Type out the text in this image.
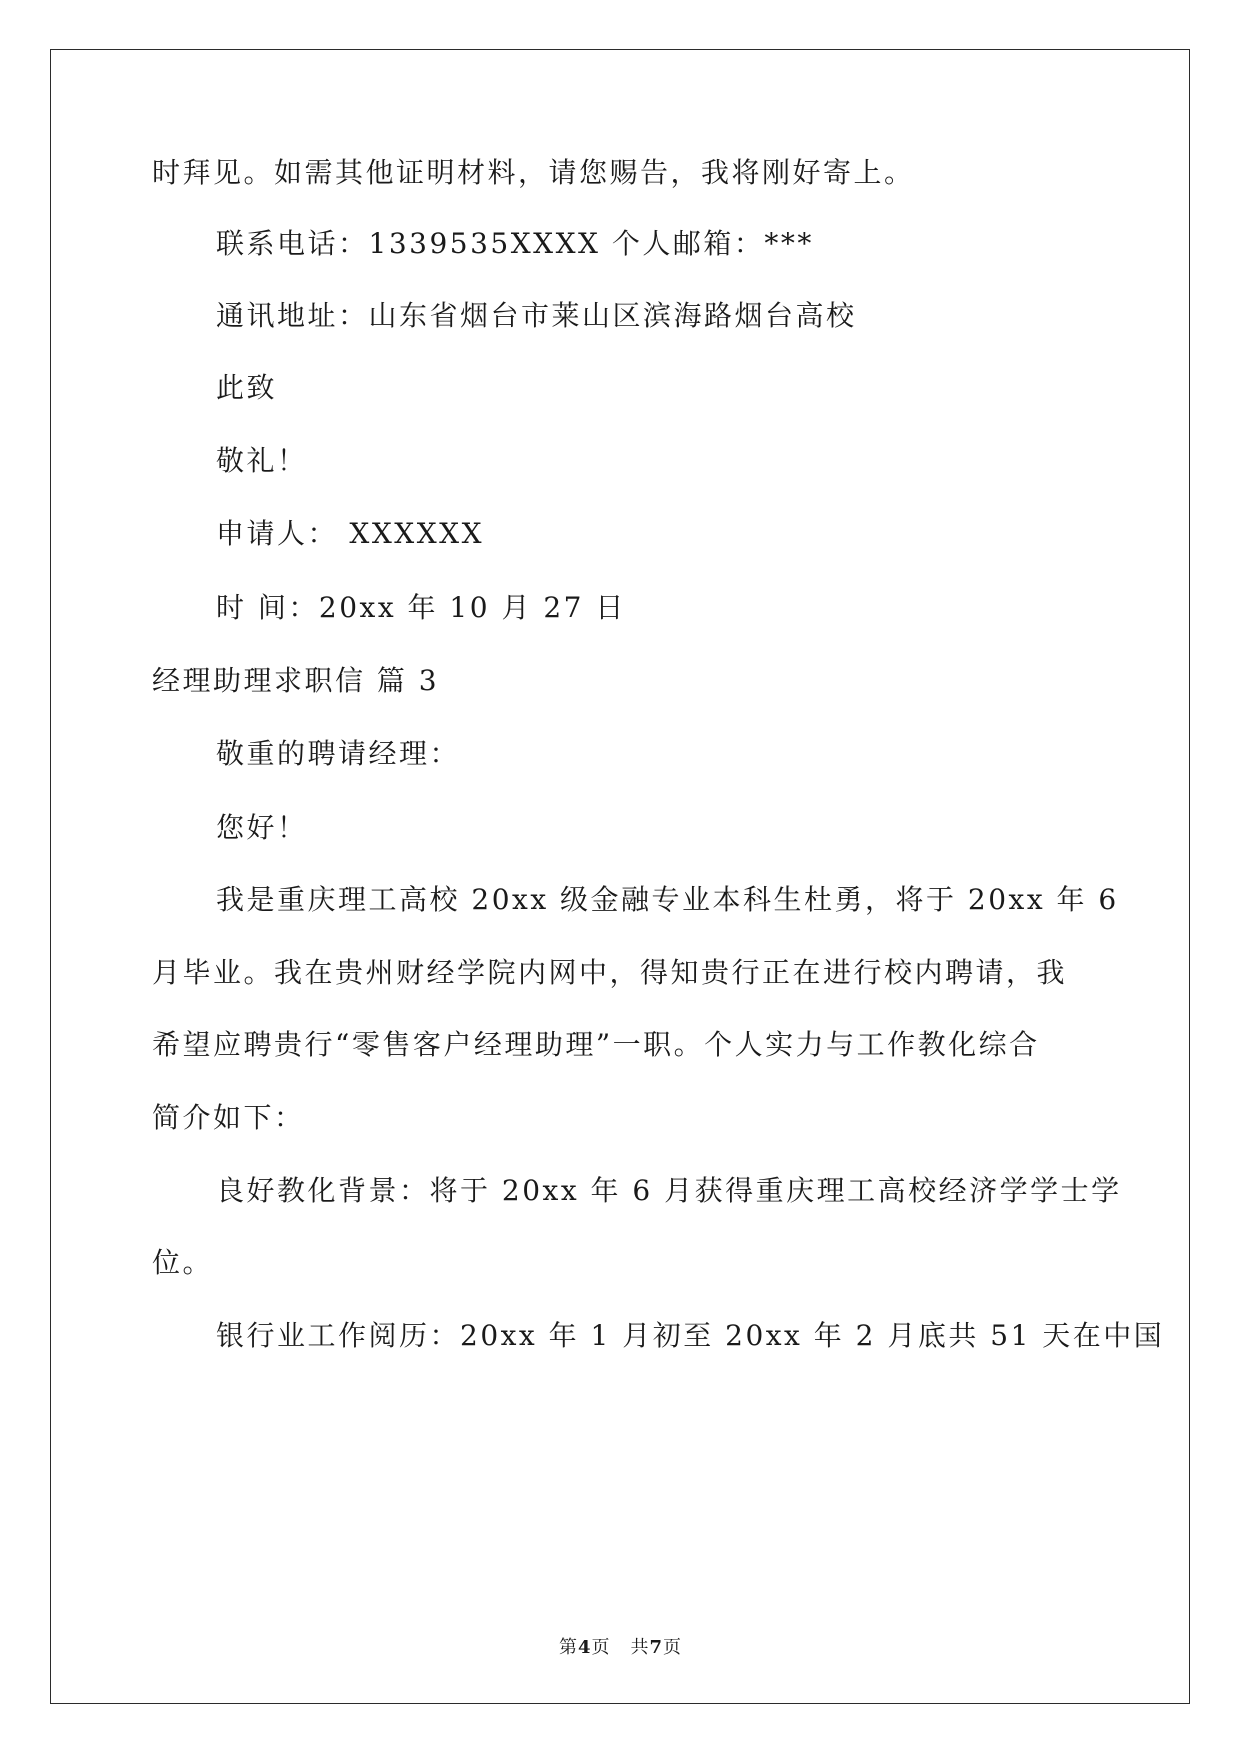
时拜见。如需其他证明材料，请您赐告，我将刚好寄上。
联系电话：1339535XXXX 个人邮箱：***
通讯地址：山东省烟台市莱山区滨海路烟台高校
此致
敬礼！
申请人： XXXXXX
时 间：20xx 年 10 月 27 日
经理助理求职信 篇 3
敬重的聘请经理：
您好！
我是重庆理工高校 20xx 级金融专业本科生杜勇，将于 20xx 年 6
月毕业。我在贵州财经学院内网中，得知贵行正在进行校内聘请，我
希望应聘贵行“零售客户经理助理”一职。个人实力与工作教化综合
简介如下：
良好教化背景：将于 20xx 年 6 月获得重庆理工高校经济学学士学
位。
银行业工作阅历：20xx 年 1 月初至 20xx 年 2 月底共 51 天在中国
第4页 共7页
